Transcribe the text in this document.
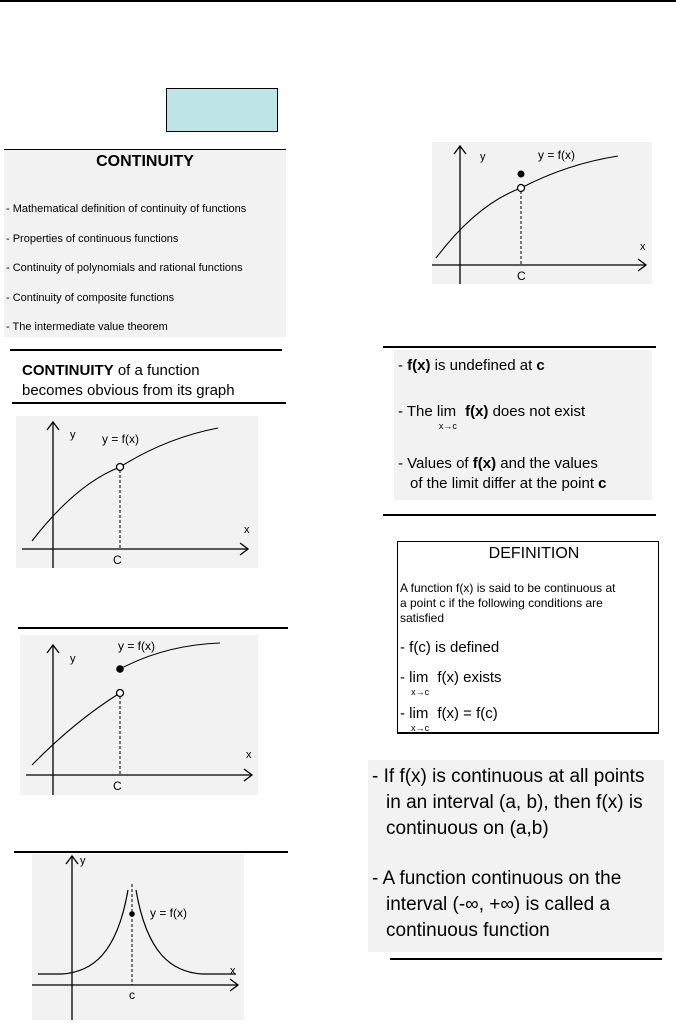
CONTINUITY
- Mathematical definition of continuity of functions
- Properties of continuous functions
- Continuity of polynomials and rational functions
- Continuity of composite functions
- The intermediate value theorem
CONTINUITY of a function
becomes obvious from its graph
y y = f(x)
x
C
y
y = f(x)
x
C
y
y = f(x)
x
c
y	y = f(x)
x
C
- f(x) is undefined at c
- The lim
x→c
f(x) does not exist
- Values of f(x) and the values
of the limit differ at the point c
DEFINITION
A function f(x) is said to be continuous at
a point c if the following conditions are
satisfied
- f(c) is defined
- lim
x→c
f(x) exists
- lim
x→c
f(x) = f(c)
- If f(x) is continuous at all points
in an interval (a, b), then f(x) is
continuous on (a,b)
- A function continuous on the
interval (-∞, +∞) is called a
continuous function
